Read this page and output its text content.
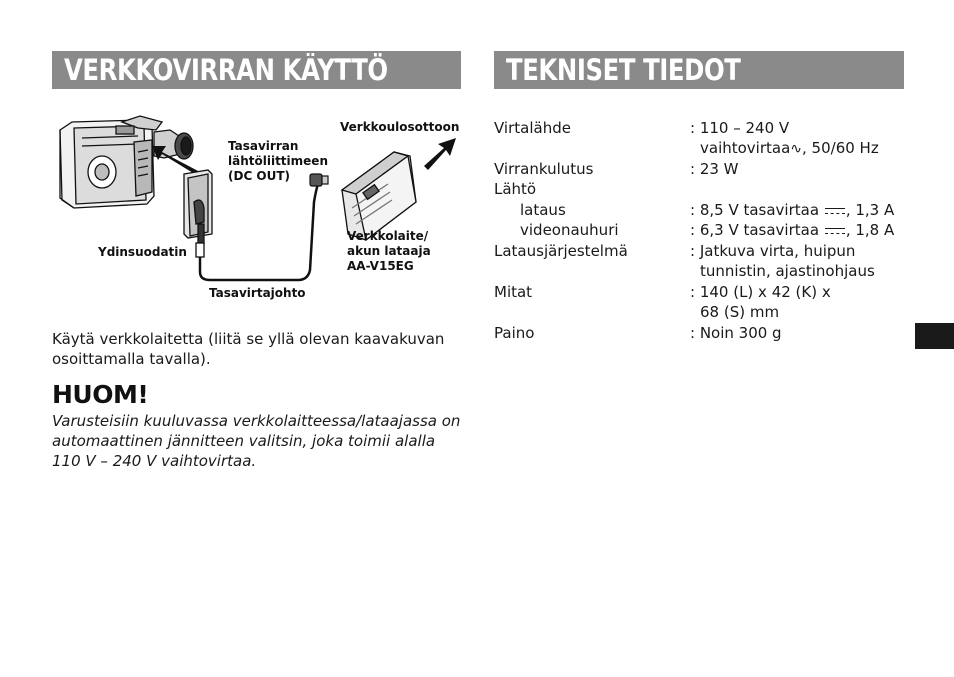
VERKKOVIRRAN KÄYTTÖ
Verkkoulosottoon
Tasavirran
lähtöliittimeen
(DC OUT)
Verkkolaite/
akun lataaja
AA-V15EG
Ydinsuodatin
Tasavirtajohto
Käytä verkkolaitetta (liitä se yllä olevan kaavakuvan osoittamalla tavalla).
HUOM!
Varusteisiin kuuluvassa verkkolaitteessa/lataajassa on automaattinen jännitteen valitsin, joka toimii alalla 110 V – 240 V vaihtovirtaa.
TEKNISET TIEDOT
Virtalähde	: 110 – 240 V
vaihtovirtaa∿, 50/60 Hz
Virrankulutus	: 23 W
Lähtö
lataus	: 8,5 V tasavirtaa , 1,3 A
videonauhuri	: 6,3 V tasavirtaa , 1,8 A
Latausjärjestelmä	: Jatkuva virta, huipun
tunnistin, ajastinohjaus
Mitat	: 140 (L) x 42 (K) x
68 (S) mm
Paino	: Noin 300 g
